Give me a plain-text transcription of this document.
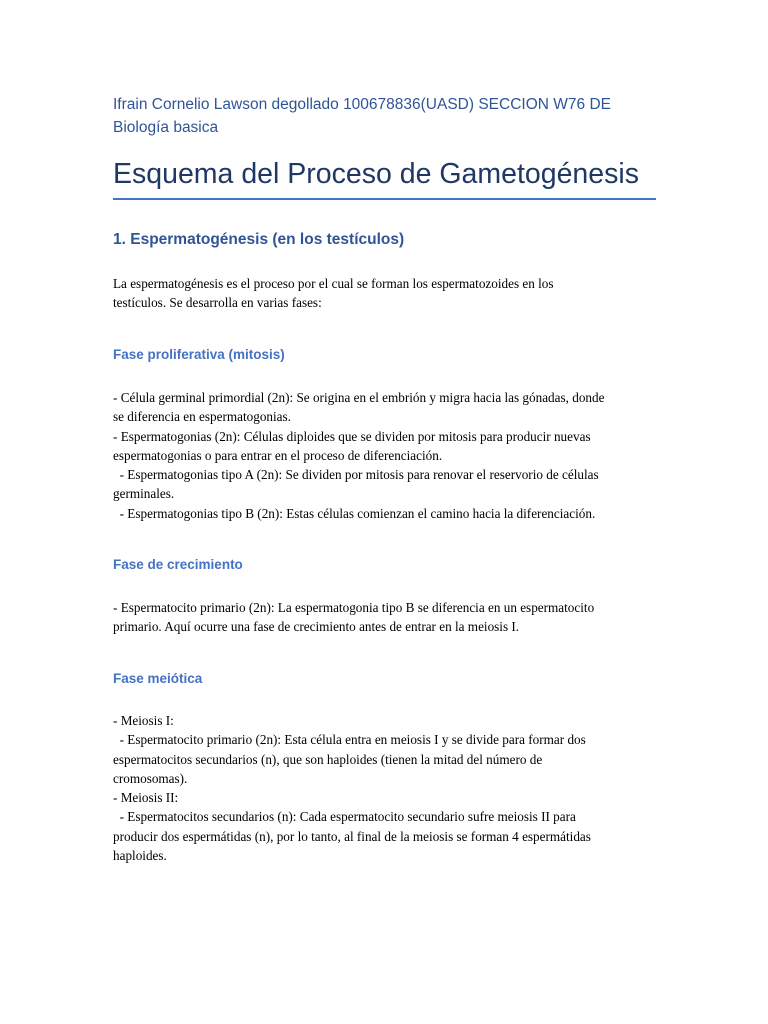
Ifrain Cornelio Lawson degollado 100678836(UASD) SECCION W76 DE
Biología basica

Esquema del Proceso de Gametogénesis
1. Espermatogénesis (en los testículos)

La espermatogénesis es el proceso por el cual se forman los espermatozoides en los
testículos. Se desarrolla en varias fases:

Fase proliferativa (mitosis)

- Célula germinal primordial (2n): Se origina en el embrión y migra hacia las gónadas, donde
se diferencia en espermatogonias.
- Espermatogonias (2n): Células diploides que se dividen por mitosis para producir nuevas
espermatogonias o para entrar en el proceso de diferenciación.
- Espermatogonias tipo A (2n): Se dividen por mitosis para renovar el reservorio de células
germinales.
- Espermatogonias tipo B (2n): Estas células comienzan el camino hacia la diferenciación.

Fase de crecimiento

- Espermatocito primario (2n): La espermatogonia tipo B se diferencia en un espermatocito
primario. Aquí ocurre una fase de crecimiento antes de entrar en la meiosis I.

Fase meiótica

- Meiosis I:
- Espermatocito primario (2n): Esta célula entra en meiosis I y se divide para formar dos
espermatocitos secundarios (n), que son haploides (tienen la mitad del número de
cromosomas).
- Meiosis II:
- Espermatocitos secundarios (n): Cada espermatocito secundario sufre meiosis II para
producir dos espermátidas (n), por lo tanto, al final de la meiosis se forman 4 espermátidas
haploides.
